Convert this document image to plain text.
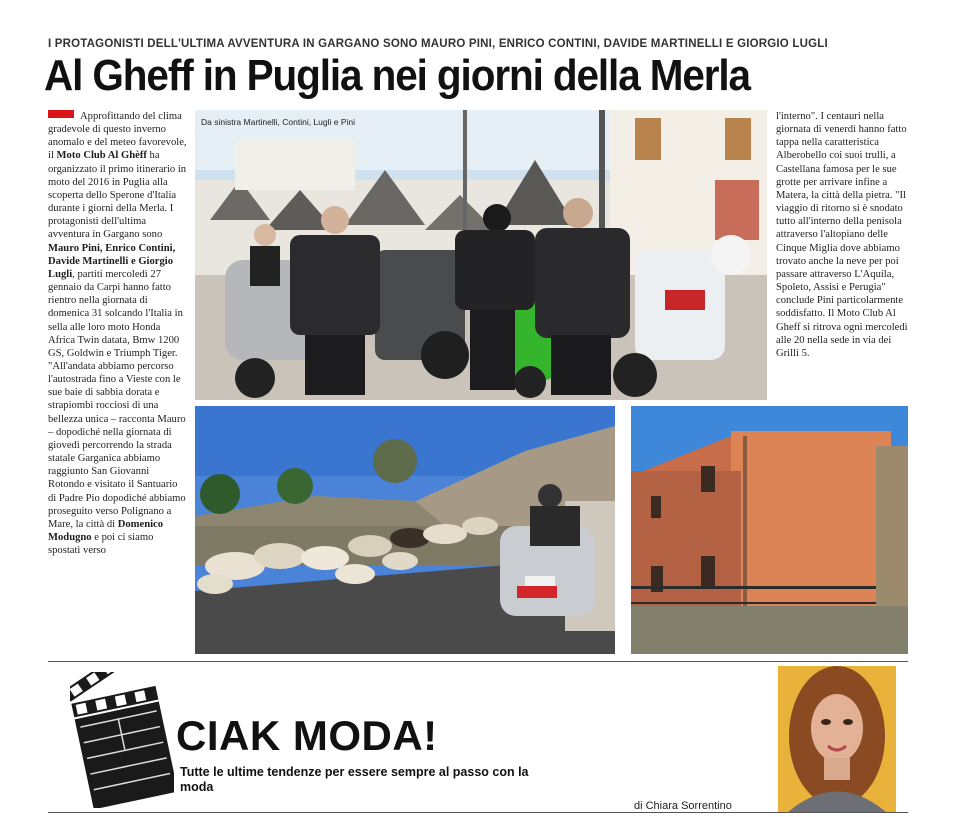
I PROTAGONISTI DELL'ULTIMA AVVENTURA IN GARGANO SONO MAURO PINI, ENRICO CONTINI, DAVIDE MARTINELLI E GIORGIO LUGLI
Al Gheff in Puglia nei giorni della Merla
Approfittando del clima gradevole di questo inverno anomalo e del meteo favorevole, il Moto Club Al Ghèff ha organizzato il primo itinerario in moto del 2016 in Puglia alla scoperta dello Sperone d'Italia durante i giorni della Merla. I protagonisti dell'ultima avventura in Gargano sono Mauro Pini, Enrico Contini, Davide Martinelli e Giorgio Lugli, partiti mercoledì 27 gennaio da Carpi hanno fatto rientro nella giornata di domenica 31 solcando l'Italia in sella alle loro moto Honda Africa Twin datata, Bmw 1200 GS, Goldwin e Triumph Tiger. "All'andata abbiamo percorso l'autostrada fino a Vieste con le sue baie di sabbia dorata e strapiombi rocciosi di una bellezza unica – racconta Mauro – dopodiché nella giornata di giovedì percorrendo la strada statale Garganica abbiamo raggiunto San Giovanni Rotondo e visitato il Santuario di Padre Pio dopodiché abbiamo proseguito verso Polignano a Mare, la città di Domenico Modugno e poi ci siamo spostati verso
Da sinistra Martinelli, Contini, Lugli e Pini	l'interno". I centauri nella giornata di venerdì hanno fatto tappa nella caratteristica Alberobello coi suoi trulli, a Castellana famosa per le sue grotte per arrivare infine a Matera, la città della pietra. "Il viaggio di ritorno si è snodato tutto all'interno della penisola attraverso l'altopiano delle Cinque Miglia dove abbiamo trovato anche la neve per poi passare attraverso L'Aquila, Spoleto, Assisi e Perugia" conclude Pini particolarmente soddisfatto. Il Moto Club Al Gheff si ritrova ogni mercoledì alle 20 nella sede in via dei Grilli 5.
CIAK MODA!
Tutte le ultime tendenze per essere sempre al passo con la moda
di Chiara Sorrentino
